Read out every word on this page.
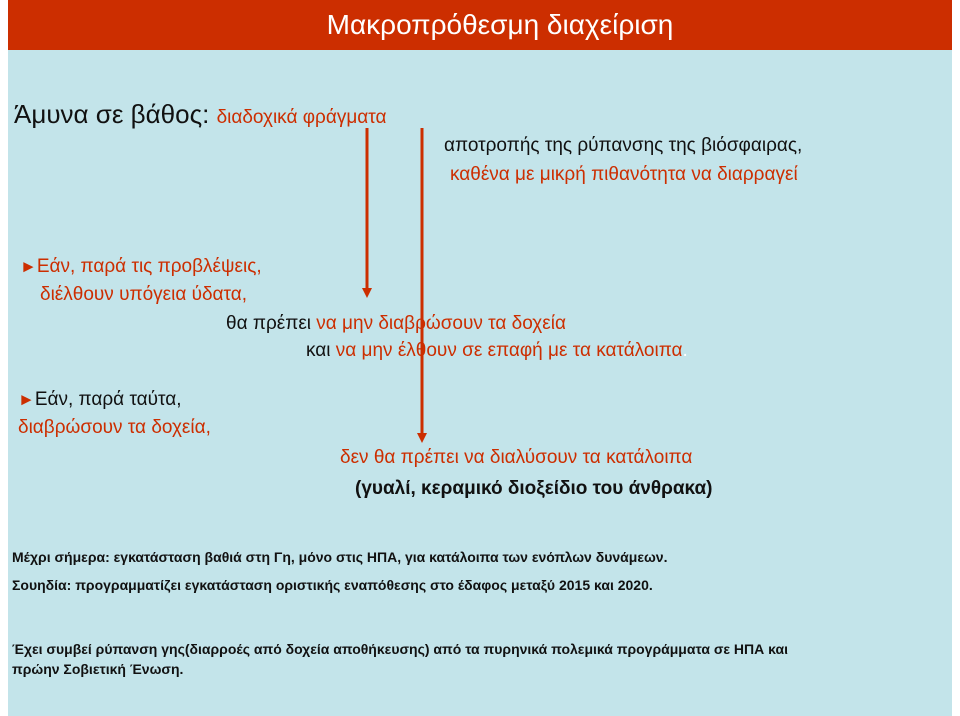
Μακροπρόθεσμη διαχείριση
Άμυνα σε βάθος: διαδοχικά φράγματα
αποτροπής της ρύπανσης της βιόσφαιρας,
καθένα με μικρή πιθανότητα να διαρραγεί
►Εάν, παρά τις προβλέψεις,
διέλθουν υπόγεια ύδατα,
θα πρέπει να μην διαβρώσουν τα δοχεία
και να μην έλθουν σε επαφή με τα κατάλοιπα.
►Εάν, παρά ταύτα,
διαβρώσουν τα δοχεία,
δεν θα πρέπει να διαλύσουν τα κατάλοιπα
(γυαλί, κεραμικό διοξείδιο του άνθρακα)
Μέχρι σήμερα: εγκατάσταση βαθιά στη Γη, μόνο στις ΗΠΑ, για κατάλοιπα των ενόπλων δυνάμεων.
Σουηδία: προγραμματίζει εγκατάσταση οριστικής εναπόθεσης στο έδαφος μεταξύ 2015 και 2020.
Έχει συμβεί ρύπανση γης(διαρροές από δοχεία αποθήκευσης) από τα πυρηνικά πολεμικά προγράμματα σε ΗΠΑ και
πρώην Σοβιετική Ένωση.
